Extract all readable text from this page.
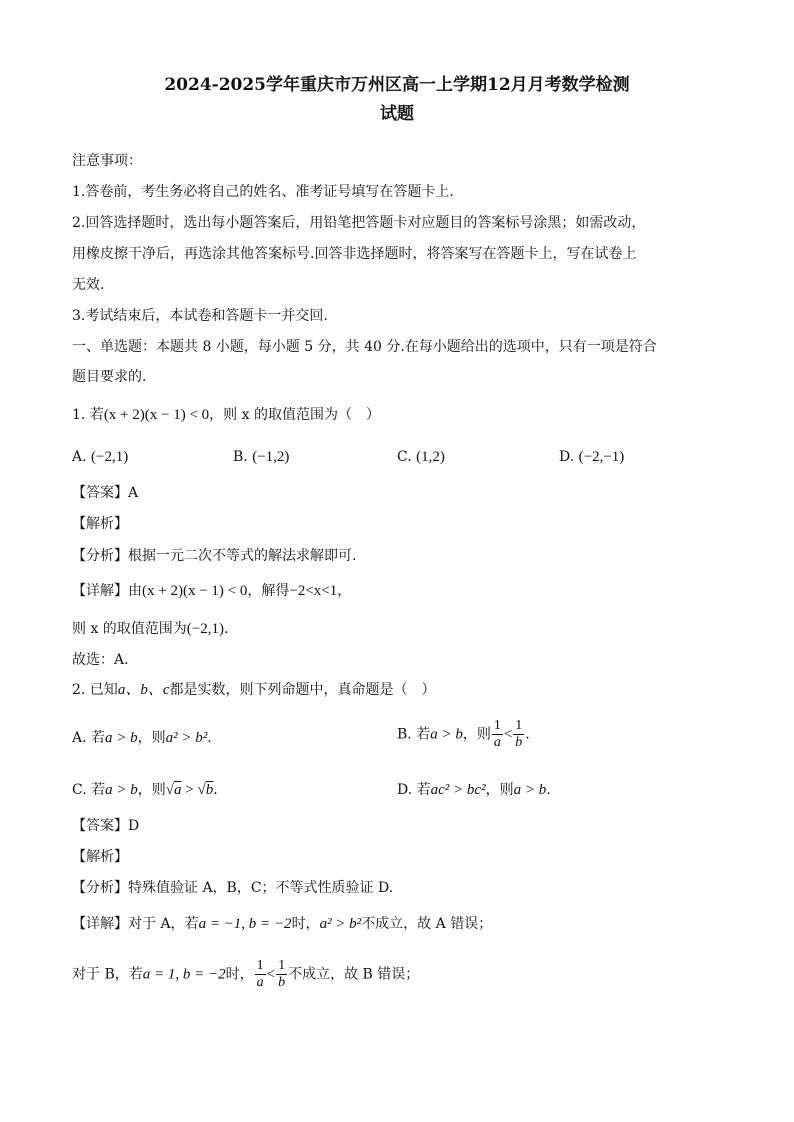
2024-2025学年重庆市万州区高一上学期12月月考数学检测
试题
注意事项：
1.答卷前，考生务必将自己的姓名、准考证号填写在答题卡上.
2.回答选择题时，选出每小题答案后，用铅笔把答题卡对应题目的答案标号涂黑；如需改动，
用橡皮擦干净后，再选涂其他答案标号.回答非选择题时，将答案写在答题卡上，写在试卷上
无效.
3.考试结束后，本试卷和答题卡一并交回.
一、单选题：本题共 8 小题，每小题 5 分，共 40 分.在每小题给出的选项中，只有一项是符合
题目要求的.
1. 若(x + 2)(x − 1) < 0，则 x 的取值范围为（　）
A. (−2,1)	B. (−1,2)	C. (1,2)	D. (−2,−1)
【答案】A
【解析】
【分析】根据一元二次不等式的解法求解即可.
【详解】由(x + 2)(x − 1) < 0，解得−2<x<1，
则 x 的取值范围为(−2,1).
故选：A.
2. 已知a、b、c都是实数，则下列命题中，真命题是（　）
A. 若a > b，则a² > b².	B. 若a > b，则 $\frac{1}{a} < \frac{1}{b}$ .
C. 若a > b，则√a > √b.	D. 若ac² > bc²，则a > b.
【答案】D
【解析】
【分析】特殊值验证 A，B，C；不等式性质验证 D.
【详解】对于 A，若a = −1, b = −2时，a² > b²不成立，故 A 错误；
对于 B，若a = 1, b = −2时， $\frac{1}{a} < \frac{1}{b}$ 不成立，故 B 错误；
